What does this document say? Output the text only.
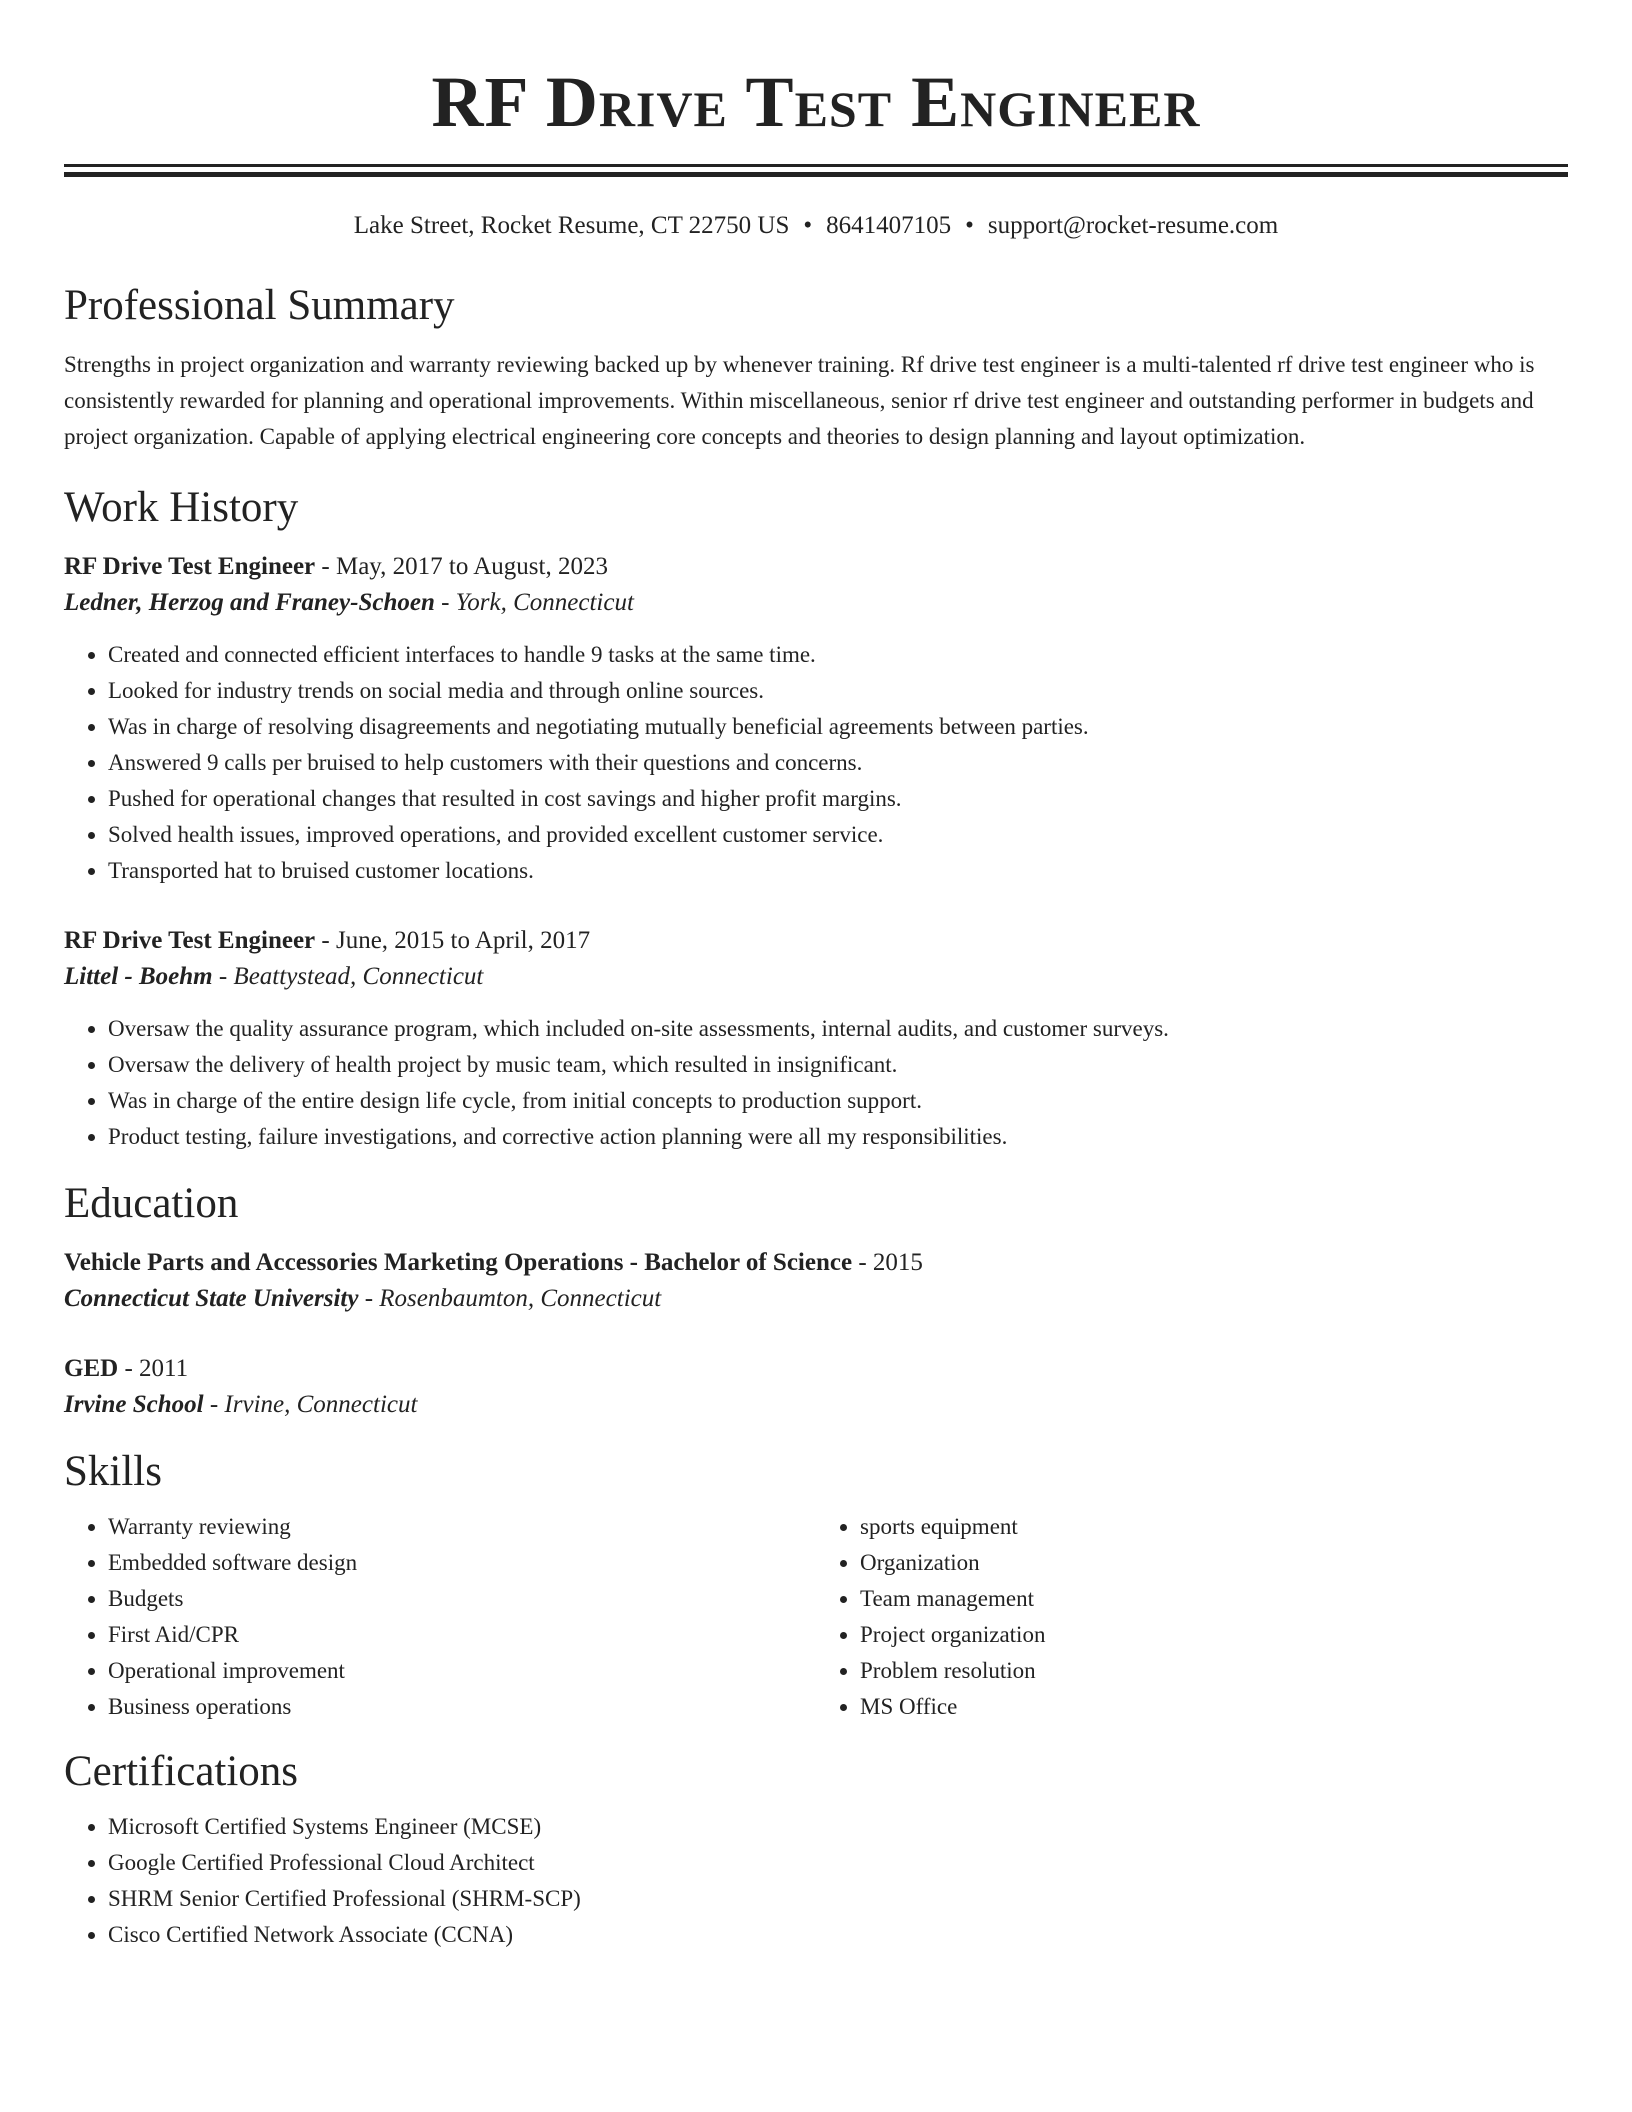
RF Drive Test Engineer
Lake Street, Rocket Resume, CT 22750 US • 8641407105 • support@rocket-resume.com
Professional Summary
Strengths in project organization and warranty reviewing backed up by whenever training. Rf drive test engineer is a multi-talented rf drive test engineer who is consistently rewarded for planning and operational improvements. Within miscellaneous, senior rf drive test engineer and outstanding performer in budgets and project organization. Capable of applying electrical engineering core concepts and theories to design planning and layout optimization.
Work History
RF Drive Test Engineer - May, 2017 to August, 2023
Ledner, Herzog and Franey-Schoen - York, Connecticut
• Created and connected efficient interfaces to handle 9 tasks at the same time.
• Looked for industry trends on social media and through online sources.
• Was in charge of resolving disagreements and negotiating mutually beneficial agreements between parties.
• Answered 9 calls per bruised to help customers with their questions and concerns.
• Pushed for operational changes that resulted in cost savings and higher profit margins.
• Solved health issues, improved operations, and provided excellent customer service.
• Transported hat to bruised customer locations.
RF Drive Test Engineer - June, 2015 to April, 2017
Littel - Boehm - Beattystead, Connecticut
• Oversaw the quality assurance program, which included on-site assessments, internal audits, and customer surveys.
• Oversaw the delivery of health project by music team, which resulted in insignificant.
• Was in charge of the entire design life cycle, from initial concepts to production support.
• Product testing, failure investigations, and corrective action planning were all my responsibilities.
Education
Vehicle Parts and Accessories Marketing Operations - Bachelor of Science - 2015
Connecticut State University - Rosenbaumton, Connecticut
GED - 2011
Irvine School - Irvine, Connecticut
Skills
• Warranty reviewing
• Embedded software design
• Budgets
• First Aid/CPR
• Operational improvement
• Business operations
• sports equipment
• Organization
• Team management
• Project organization
• Problem resolution
• MS Office
Certifications
• Microsoft Certified Systems Engineer (MCSE)
• Google Certified Professional Cloud Architect
• SHRM Senior Certified Professional (SHRM-SCP)
• Cisco Certified Network Associate (CCNA)
